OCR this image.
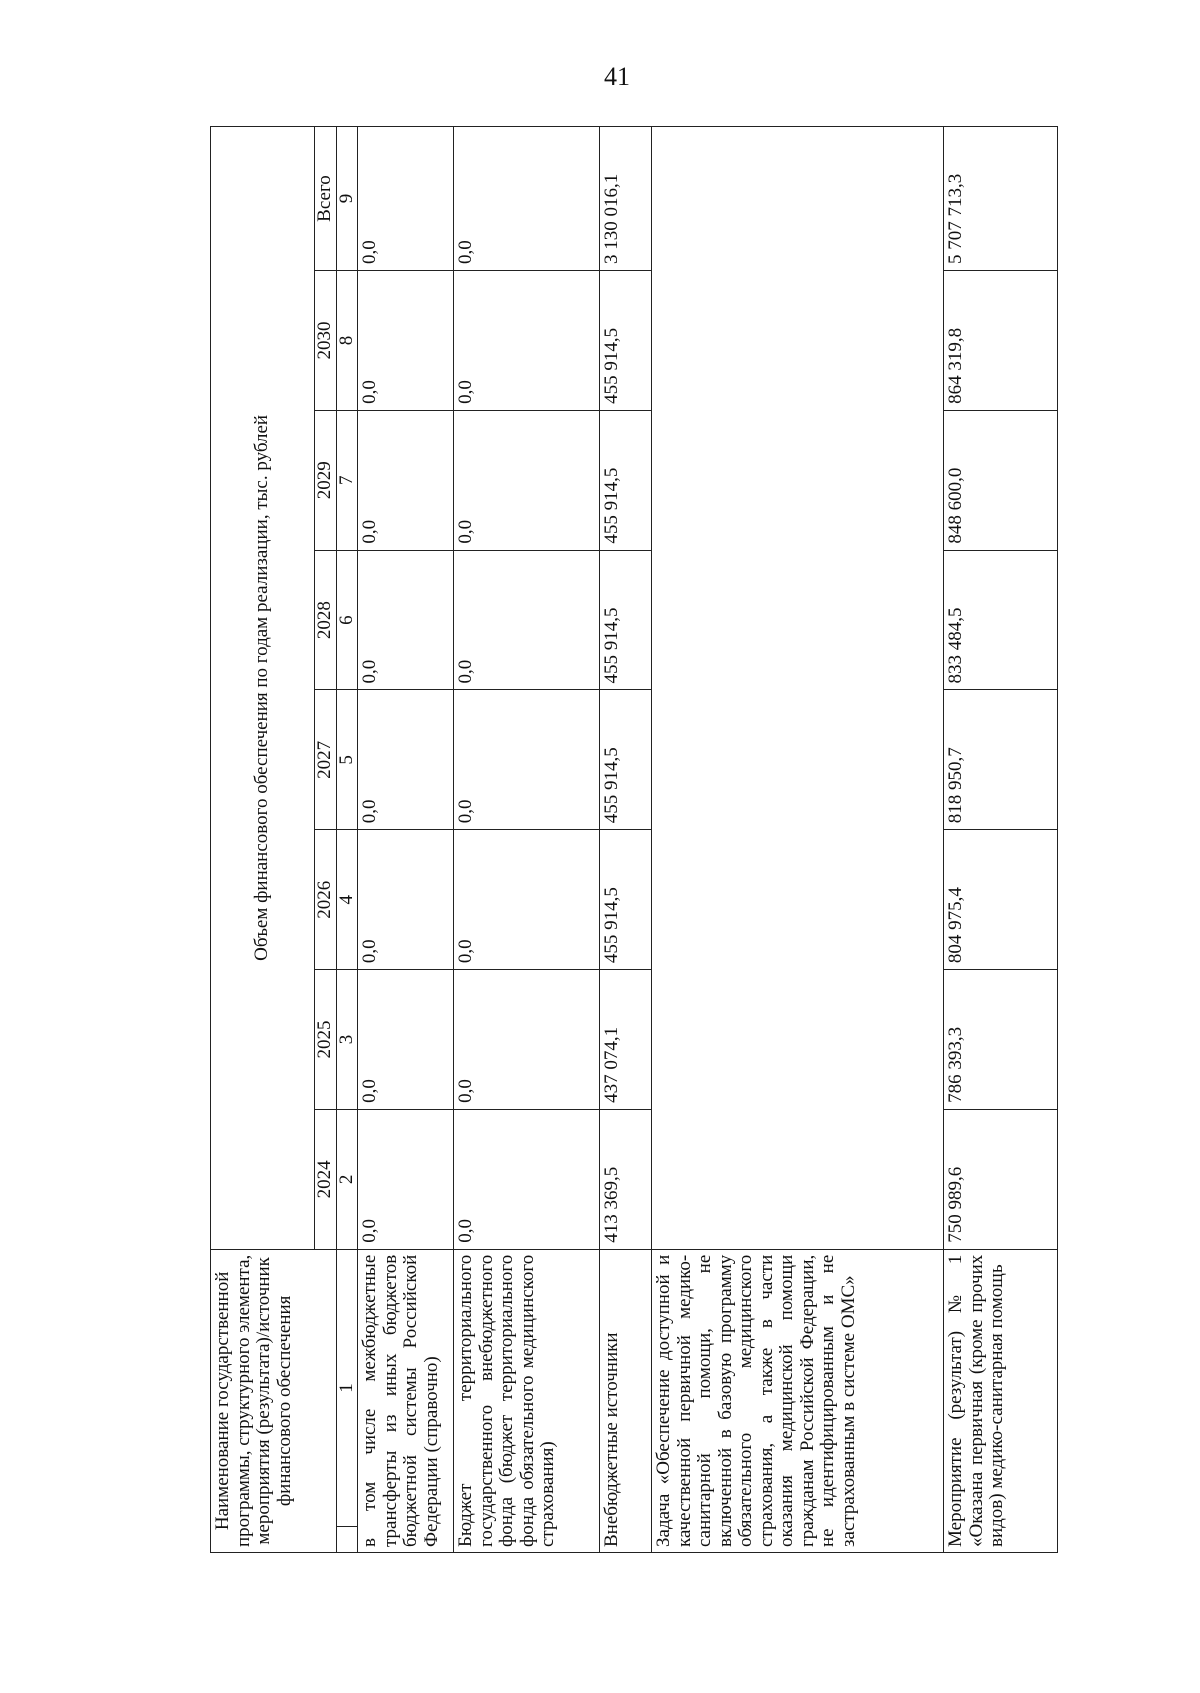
41
Наименование государственной программы, структурного элемента, мероприятия (результата)/источник финансового обеспечения		Объем финансового обеспечения по годам реализации, тыс. рублей							
		2024	2025	2026	2027	2028	2029	2030	Всего
	1	2	3	4	5	6	7	8	9
в том числе межбюджетные трансферты из иных бюджетов бюджетной системы Российской Федерации (справочно)		0,0	0,0	0,0	0,0	0,0	0,0	0,0	0,0
Бюджет территориального государственного внебюджетного фонда (бюджет территориального фонда обязательного медицинского страхования)		0,0	0,0	0,0	0,0	0,0	0,0	0,0	0,0
Внебюджетные источники		413 369,5	437 074,1	455 914,5	455 914,5	455 914,5	455 914,5	455 914,5	3 130 016,1
Задача «Обеспечение доступной и качественной первичной медико-санитарной помощи, не включенной в базовую программу обязательного медицинского страхования, а также в части оказания медицинской помощи гражданам Российской Федерации, не идентифицированным и не застрахованным в системе ОМС»									
Мероприятие (результат) № 1 «Оказана первичная (кроме прочих видов) медико-санитарная помощь		750 989,6	786 393,3	804 975,4	818 950,7	833 484,5	848 600,0	864 319,8	5 707 713,3
